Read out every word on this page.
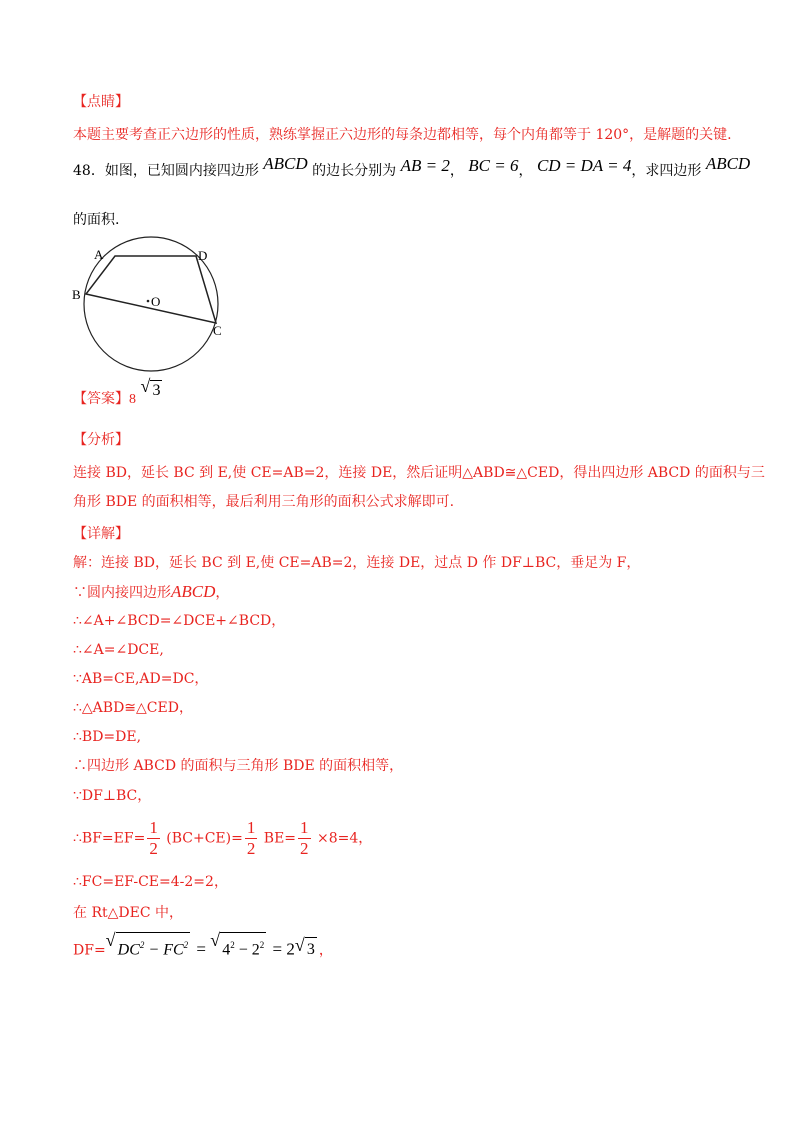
【点睛】
本题主要考查正六边形的性质，熟练掌握正六边形的每条边都相等，每个内角都等于 120°，是解题的关键.
48．如图，已知圆内接四边形 ABCD 的边长分别为 AB = 2， BC = 6， CD = DA = 4，求四边形 ABCD
的面积.
A	D
B
C
O
【答案】8
√ 3
【分析】
连接 BD，延长 BC 到 E,使 CE=AB=2，连接 DE，然后证明△ABD≅△CED，得出四边形 ABCD 的面积与三
角形 BDE 的面积相等，最后利用三角形的面积公式求解即可.
【详解】
解：连接 BD，延长 BC 到 E,使 CE=AB=2，连接 DE，过点 D 作 DF⊥BC，垂足为 F，
∵圆内接四边形ABCD，
∴∠A+∠BCD=∠DCE+∠BCD，
∴∠A=∠DCE,
∵AB=CE,AD=DC，
∴△ABD≅△CED，
∴BD=DE,
∴四边形 ABCD 的面积与三角形 BDE 的面积相等，
∵DF⊥BC，
∴BF=EF= $\frac{1}{2} (BC+CE)= \frac{1}{2} BE= \frac{1}{2} \times 8=4$，
∴FC=EF-CE=4-2=2，
在 Rt△DEC 中，
DF=
√ $DC^2 - FC^2$ = √ $4^2 - 2^2 = 2$ √ 3 ，
